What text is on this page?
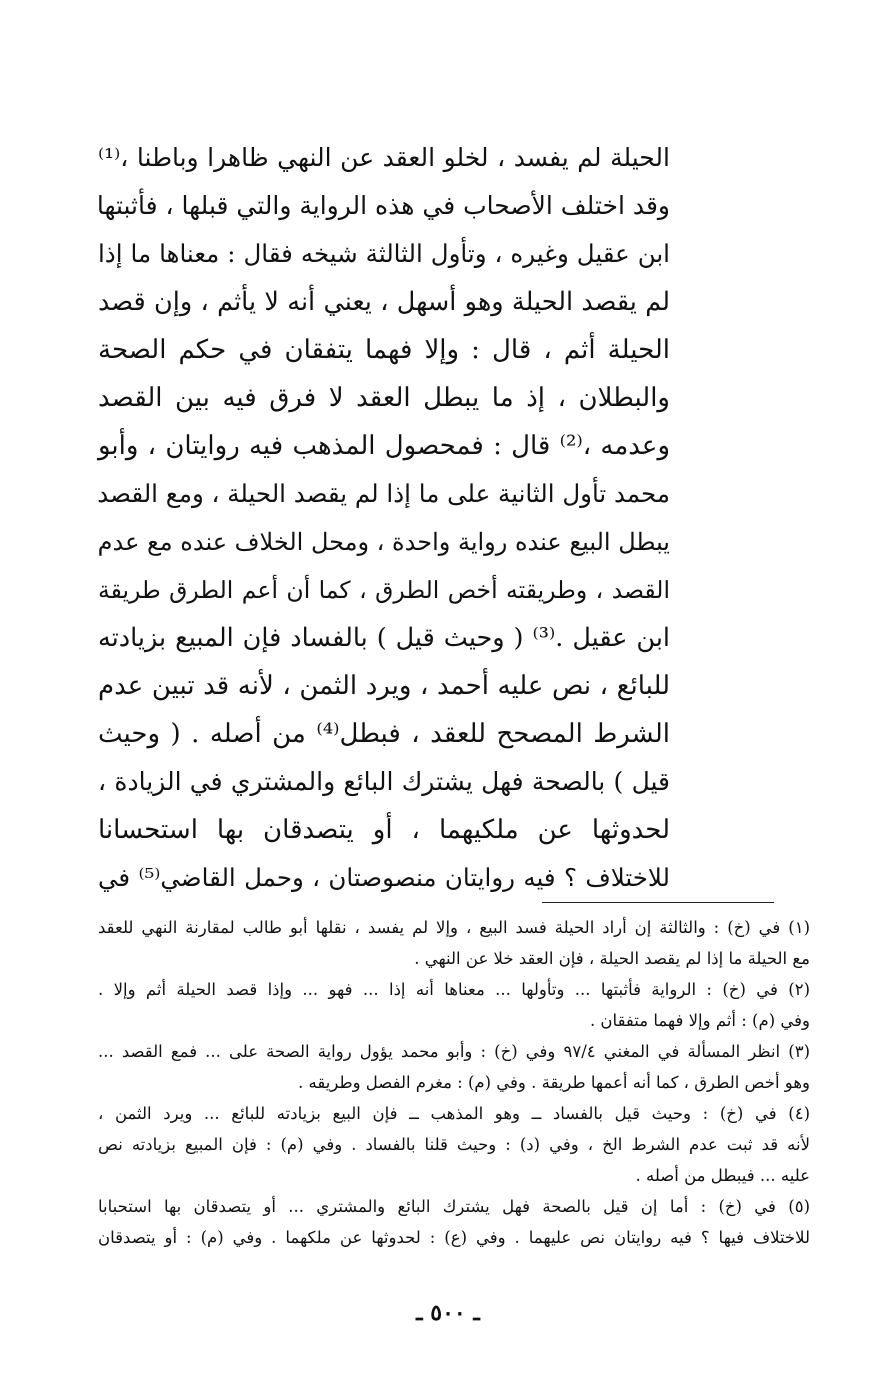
الحيلة لم يفسد ، لخلو العقد عن النهي ظاهرا وباطنا ،⁽¹⁾
وقد اختلف الأصحاب في هذه الرواية والتي قبلها ، فأثبتها
ابن عقيل وغيره ، وتأول الثالثة شيخه فقال : معناها ما إذا
لم يقصد الحيلة وهو أسهل ، يعني أنه لا يأثم ، وإن قصد
الحيلة أثم ، قال : وإلا فهما يتفقان في حكم الصحة
والبطلان ، إذ ما يبطل العقد لا فرق فيه بين القصد
وعدمه ،⁽²⁾ قال : فمحصول المذهب فيه روايتان ، وأبو
محمد تأول الثانية على ما إذا لم يقصد الحيلة ، ومع القصد
يبطل البيع عنده رواية واحدة ، ومحل الخلاف عنده مع عدم
القصد ، وطريقته أخص الطرق ، كما أن أعم الطرق طريقة
ابن عقيل .⁽³⁾ ( وحيث قيل ) بالفساد فإن المبيع بزيادته
للبائع ، نص عليه أحمد ، ويرد الثمن ، لأنه قد تبين عدم
الشرط المصحح للعقد ، فبطل⁽⁴⁾ من أصله . ( وحيث
قيل ) بالصحة فهل يشترك البائع والمشتري في الزيادة ،
لحدوثها عن ملكيهما ، أو يتصدقان بها استحسانا
للاختلاف ؟ فيه روايتان منصوصتان ، وحمل القاضي⁽⁵⁾ في
(١) في (خ) : والثالثة إن أراد الحيلة فسد البيع ، وإلا لم يفسد ، نقلها أبو طالب لمقارنة النهي للعقد
مع الحيلة ما إذا لم يقصد الحيلة ، فإن العقد خلا عن النهي .
(٢) في (خ) : الرواية فأثبتها ... وتأولها ... معناها أنه إذا ... فهو ... وإذا قصد الحيلة أثم وإلا .
وفي (م) : أثم وإلا فهما متفقان .
(٣) انظر المسألة في المغني ٩٧/٤ وفي (خ) : وأبو محمد يؤول رواية الصحة على ... فمع القصد ...
وهو أخص الطرق ، كما أنه أعمها طريقة . وفي (م) : مغرم الفصل وطريقه .
(٤) في (خ) : وحيث قيل بالفساد ــ وهو المذهب ــ فإن البيع بزيادته للبائع ... ويرد الثمن ،
لأنه قد ثبت عدم الشرط الخ ، وفي (د) : وحيث قلنا بالفساد . وفي (م) : فإن المبيع بزيادته نص
عليه ... فيبطل من أصله .
(٥) في (خ) : أما إن قيل بالصحة فهل يشترك البائع والمشتري ... أو يتصدقان بها استحبابا
للاختلاف فيها ؟ فيه روايتان نص عليهما . وفي (ع) : لحدوثها عن ملكهما . وفي (م) : أو يتصدقان
ـ ٥٠٠ ـ
